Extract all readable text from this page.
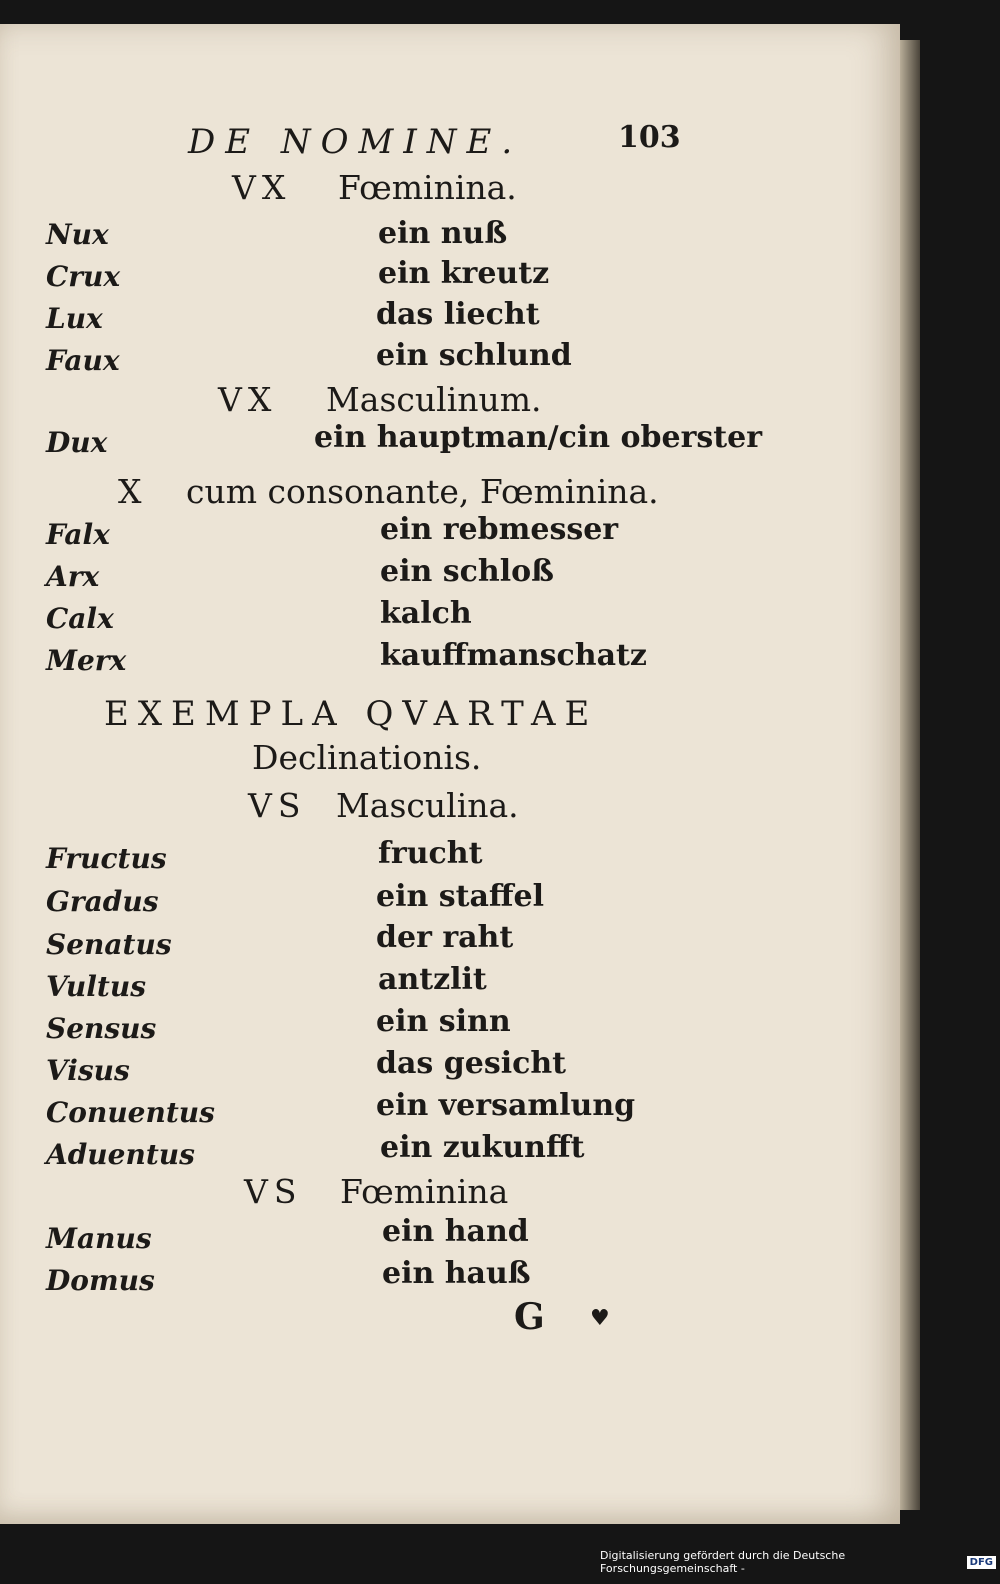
DE NOMINE.	103
VX Fœminina.
Nux	ein nuß
Crux	ein kreutz
Lux	das liecht
Faux	ein schlund
VX Masculinum.
Dux	ein hauptman/cin oberster
X cum consonante, Fœminina.
Falx	ein rebmesser
Arx	ein schloß
Calx	kalch
Merx	kauffmanschatz
EXEMPLA QVARTAE
Declinationis.
VS Masculina.
Fructus	frucht
Gradus	ein staffel
Senatus	der raht
Vultus	antzlit
Sensus	ein sinn
Visus	das gesicht
Conuentus	ein versamlung
Aduentus	ein zukunfft
VS Fœminina
Manus	ein hand
Domus	ein hauß
G ♥
Digitalisierung gefördert durch die Deutsche Forschungsgemeinschaft -	DFG
